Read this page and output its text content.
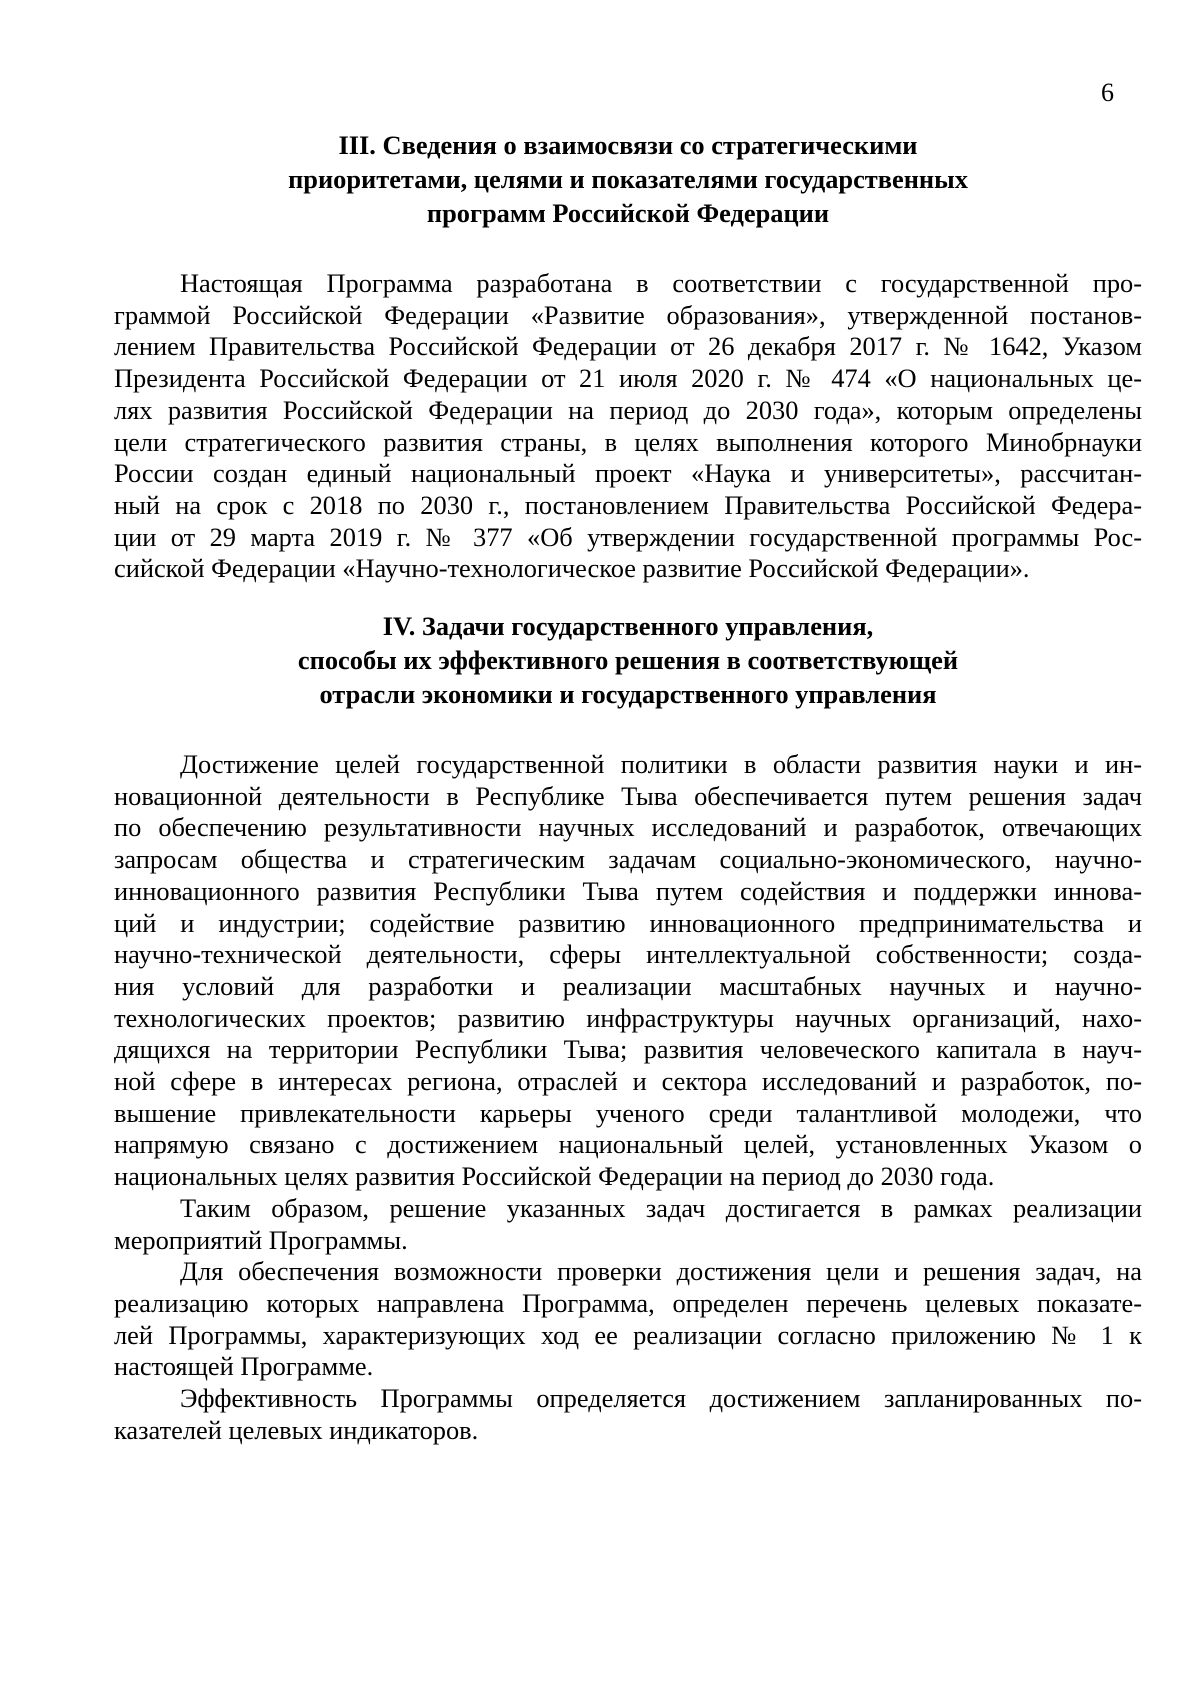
6
III. Сведения о взаимосвязи со стратегическими
приоритетами, целями и показателями государственных
программ Российской Федерации

Настоящая Программа разработана в соответствии с государственной про-
граммой Российской Федерации «Развитие образования», утвержденной постанов-
лением Правительства Российской Федерации от 26 декабря 2017 г. № 1642, Указом
Президента Российской Федерации от 21 июля 2020 г. № 474 «О национальных це-
лях развития Российской Федерации на период до 2030 года», которым определены
цели стратегического развития страны, в целях выполнения которого Минобрнауки
России создан единый национальный проект «Наука и университеты», рассчитан-
ный на срок с 2018 по 2030 г., постановлением Правительства Российской Федера-
ции от 29 марта 2019 г. № 377 «Об утверждении государственной программы Рос-
сийской Федерации «Научно-технологическое развитие Российской Федерации».

IV. Задачи государственного управления,
способы их эффективного решения в соответствующей
отрасли экономики и государственного управления

Достижение целей государственной политики в области развития науки и ин-
новационной деятельности в Республике Тыва обеспечивается путем решения задач
по обеспечению результативности научных исследований и разработок, отвечающих
запросам общества и стратегическим задачам социально-экономического, научно-
инновационного развития Республики Тыва путем содействия и поддержки иннова-
ций и индустрии; содействие развитию инновационного предпринимательства и
научно-технической деятельности, сферы интеллектуальной собственности; созда-
ния условий для разработки и реализации масштабных научных и научно-
технологических проектов; развитию инфраструктуры научных организаций, нахо-
дящихся на территории Республики Тыва; развития человеческого капитала в науч-
ной сфере в интересах региона, отраслей и сектора исследований и разработок, по-
вышение привлекательности карьеры ученого среди талантливой молодежи, что
напрямую связано с достижением национальный целей, установленных Указом о
национальных целях развития Российской Федерации на период до 2030 года.

Таким образом, решение указанных задач достигается в рамках реализации
мероприятий Программы.

Для обеспечения возможности проверки достижения цели и решения задач, на
реализацию которых направлена Программа, определен перечень целевых показате-
лей Программы, характеризующих ход ее реализации согласно приложению № 1 к
настоящей Программе.

Эффективность Программы определяется достижением запланированных по-
казателей целевых индикаторов.
